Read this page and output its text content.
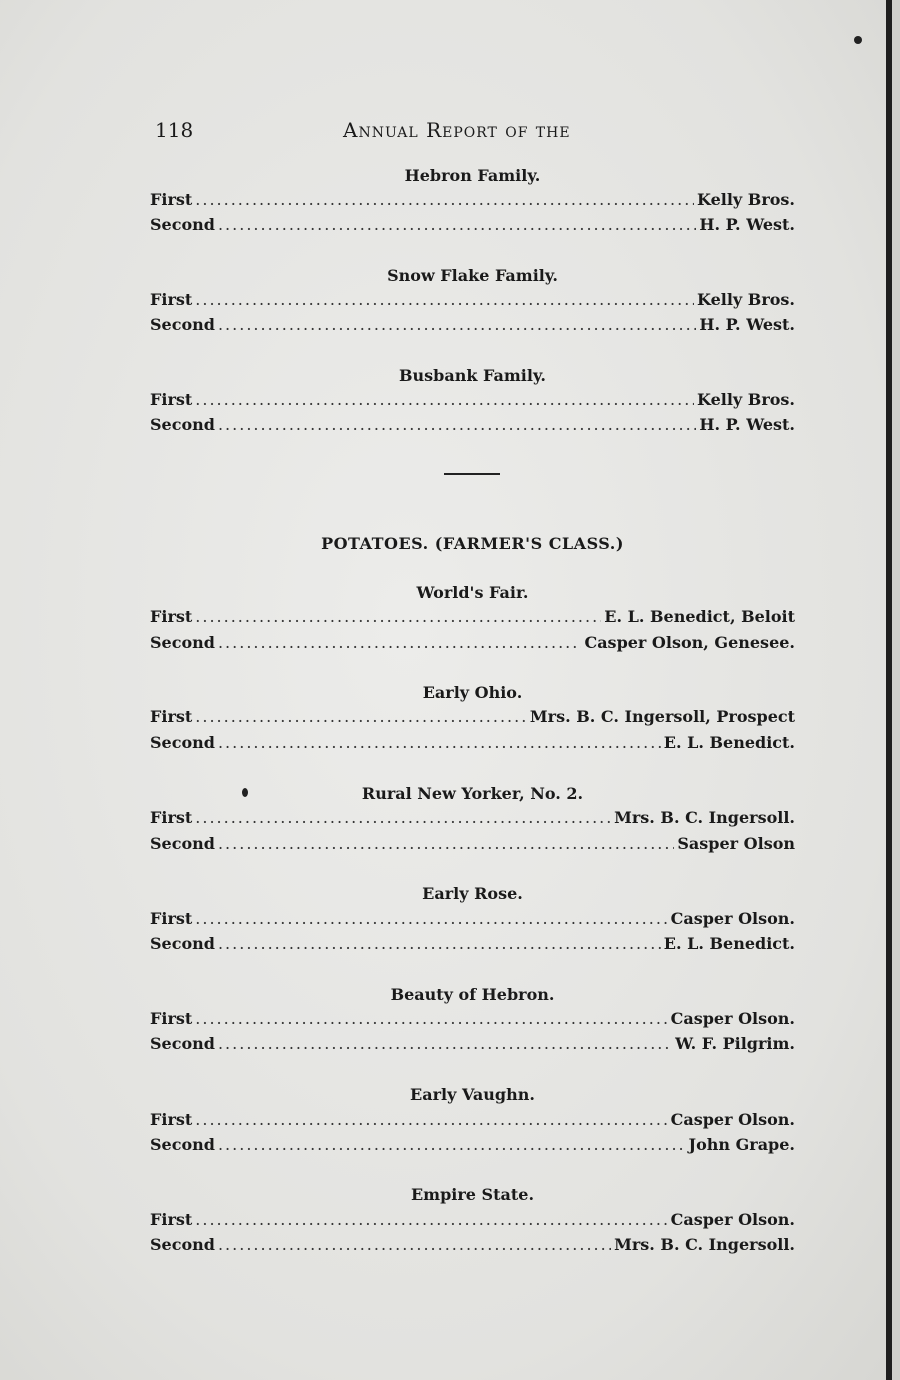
118	Annual Report of the
Hebron Family.
First .....	Kelly Bros.
Second .....	H. P. West.
Snow Flake Family.
First .....	Kelly Bros.
Second .....	H. P. West.
Busbank Family.
First .....	Kelly Bros.
Second .....	H. P. West.
POTATOES. (FARMER'S CLASS.)
World's Fair.
First .....	E. L. Benedict, Beloit
Second .....	Casper Olson, Genesee.
Early Ohio.
First .....	Mrs. B. C. Ingersoll, Prospect
Second .....	E. L. Benedict.
Rural New Yorker, No. 2.
First .....	Mrs. B. C. Ingersoll.
Second .....	Sasper Olson
Early Rose.
First .....	Casper Olson.
Second .....	E. L. Benedict.
Beauty of Hebron.
First .....	Casper Olson.
Second .....	W. F. Pilgrim.
Early Vaughn.
First .....	Casper Olson.
Second .....	John Grape.
Empire State.
First .....	Casper Olson.
Second .....	Mrs. B. C. Ingersoll.
